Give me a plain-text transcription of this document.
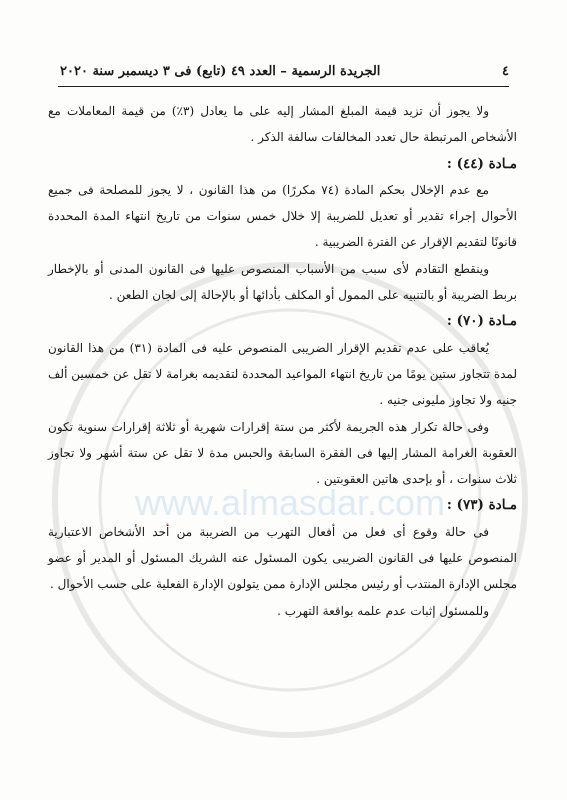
www.almasdar.com
٤
الجريدة الرسمية – العدد ٤٩ (تابع) فى ٣ ديسمبر سنة ٢٠٢٠

ولا يجوز أن تزيد قيمة المبلغ المشار إليه على ما يعادل (٣٪) من قيمة المعاملات مع الأشخاص المرتبطة حال تعدد المخالفات سالفة الذكر .

مـادة (٤٤) :

مع عدم الإخلال بحكم المادة (٧٤ مكررًا) من هذا القانون ، لا يجوز للمصلحة فى جميع الأحوال إجراء تقدير أو تعديل للضريبة إلا خلال خمس سنوات من تاريخ انتهاء المدة المحددة قانونًا لتقديم الإقرار عن الفترة الضريبية .

وينقطع التقادم لأى سبب من الأسباب المنصوص عليها فى القانون المدنى أو بالإخطار بربط الضريبة أو بالتنبيه على الممول أو المكلف بأدائها أو بالإحالة إلى لجان الطعن .

مـادة (٧٠) :

يُعاقب على عدم تقديم الإقرار الضريبى المنصوص عليه فى المادة (٣١) من هذا القانون لمدة تتجاوز ستين يومًا من تاريخ انتهاء المواعيد المحددة لتقديمه بغرامة لا تقل عن خمسين ألف جنيه ولا تجاوز مليونى جنيه .

وفى حالة تكرار هذه الجريمة لأكثر من ستة إقرارات شهرية أو ثلاثة إقرارات سنوية تكون العقوبة الغرامة المشار إليها فى الفقرة السابقة والحبس مدة لا تقل عن ستة أشهر ولا تجاوز ثلاث سنوات ، أو بإحدى هاتين العقوبتين .

مـادة (٧٣) :

فى حالة وقوع أى فعل من أفعال التهرب من الضريبة من أحد الأشخاص الاعتبارية المنصوص عليها فى القانون الضريبى يكون المسئول عنه الشريك المسئول أو المدير أو عضو مجلس الإدارة المنتدب أو رئيس مجلس الإدارة ممن يتولون الإدارة الفعلية على حسب الأحوال .

وللمسئول إثبات عدم علمه بواقعة التهرب .
